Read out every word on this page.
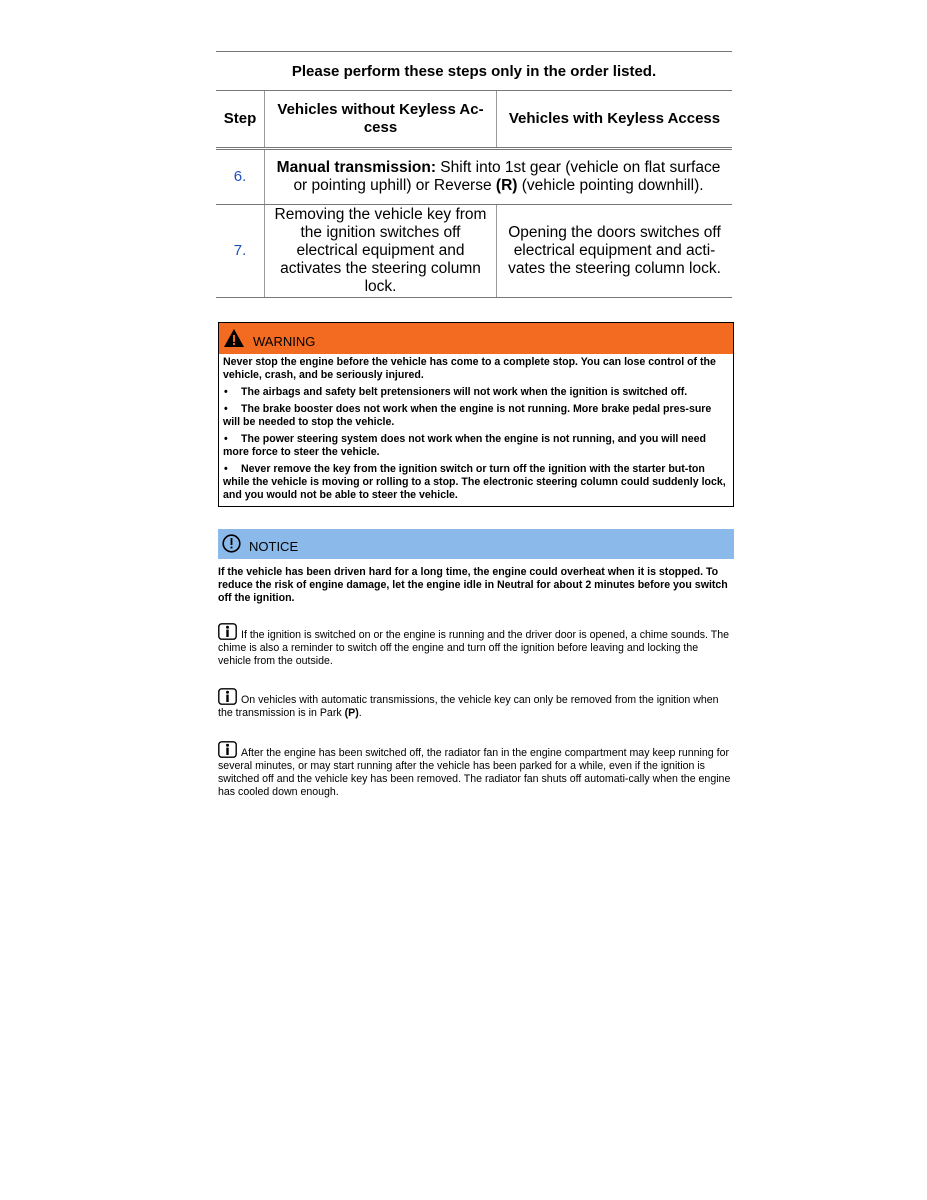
Please perform these steps only in the order listed.
Step
Vehicles without Keyless Ac-cess
Vehicles with Keyless Access
6.
Manual transmission: Shift into 1st gear (vehicle on flat surface or pointing uphill) or Reverse (R) (vehicle pointing downhill).
7.
Removing the vehicle key from the ignition switches off electrical equipment and activates the steering column lock.
Opening the doors switches off electrical equipment and acti-vates the steering column lock.
WARNING

Never stop the engine before the vehicle has come to a complete stop. You can lose control of the vehicle, crash, and be seriously injured.

• The airbags and safety belt pretensioners will not work when the ignition is switched off.

• The brake booster does not work when the engine is not running. More brake pedal pres-sure will be needed to stop the vehicle.

• The power steering system does not work when the engine is not running, and you will need more force to steer the vehicle.

• Never remove the key from the ignition switch or turn off the ignition with the starter but-ton while the vehicle is moving or rolling to a stop. The electronic steering column could suddenly lock, and you would not be able to steer the vehicle.

NOTICE
If the vehicle has been driven hard for a long time, the engine could overheat when it is stopped. To reduce the risk of engine damage, let the engine idle in Neutral for about 2 minutes before you switch off the ignition.
If the ignition is switched on or the engine is running and the driver door is opened, a chime sounds. The chime is also a reminder to switch off the engine and turn off the ignition before leaving and locking the vehicle from the outside.
On vehicles with automatic transmissions, the vehicle key can only be removed from the ignition when the transmission is in Park (P).
After the engine has been switched off, the radiator fan in the engine compartment may keep running for several minutes, or may start running after the vehicle has been parked for a while, even if the ignition is switched off and the vehicle key has been removed. The radiator fan shuts off automati-cally when the engine has cooled down enough.
